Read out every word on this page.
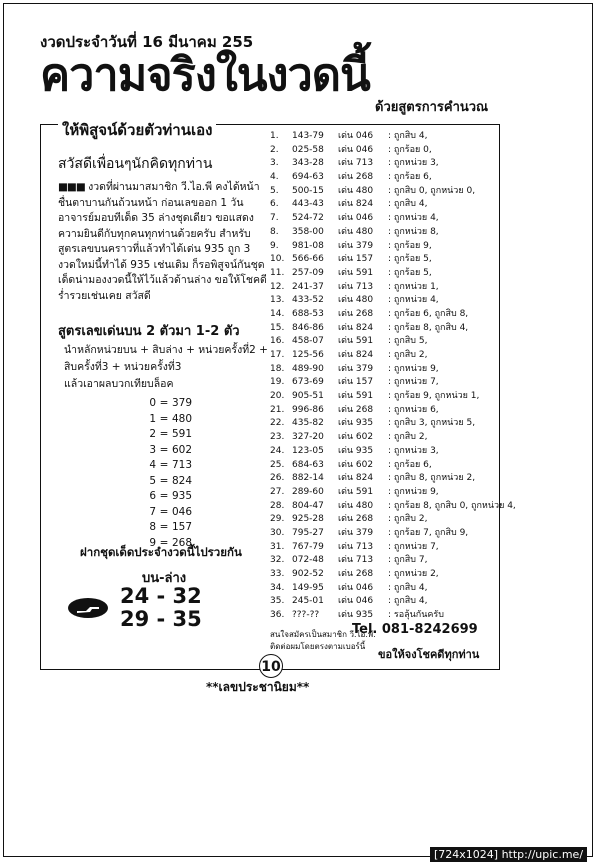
งวดประจำวันที่ 16 มีนาคม 255
ความจริงในงวดนี้
ด้วยสูตรการคำนวณ
ให้พิสูจน์ด้วยตัวท่านเอง
สวัสดีเพื่อนๆนักคิดทุกท่าน
■■■ งวดที่ผ่านมาสมาชิก วี.ไอ.พี คงได้หน้าชื่นตาบานกันถ้วนหน้า ก่อนเลขออก 1 วันอาจารย์มอบทีเด็ด 35 ล่างชุดเดียว ขอแสดงความยินดีกับทุกคนทุกท่านด้วยครับ สำหรับสูตรเลขบนคราวที่แล้วทำได้เด่น 935 ถูก 3 งวดใหม่นี้ทำได้ 935 เช่นเดิม ก็รอพิสูจน์กันชุดเด็ดน่ามองงวดนี้ให้ไว้แล้วด้านล่าง ขอให้โชคดีร่ำรวยเช่นเคย สวัสดี
สูตรเลขเด่นบน 2 ตัวมา 1-2 ตัว
นำหลักหน่วยบน + สิบล่าง + หน่วยครั้งที่2 + สิบครั้งที่3 + หน่วยครั้งที่3
แล้วเอาผลบวกเทียบล็อค
0 = 379
1 = 480
2 = 591
3 = 602
4 = 713
5 = 824
6 = 935
7 = 046
8 = 157
9 = 268
ฝากชุดเด็ดประจำงวดนี้ไปรวยกัน
บน-ล่าง
24 - 32
29 - 35
1. 143-79 เด่น 046 : ถูกสิบ 4,
2. 025-58 เด่น 046 : ถูกร้อย 0,
3. 343-28 เด่น 713 : ถูกหน่วย 3,
4. 694-63 เด่น 268 : ถูกร้อย 6,
5. 500-15 เด่น 480 : ถูกสิบ 0, ถูกหน่วย 0,
6. 443-43 เด่น 824 : ถูกสิบ 4,
7. 524-72 เด่น 046 : ถูกหน่วย 4,
8. 358-00 เด่น 480 : ถูกหน่วย 8,
9. 981-08 เด่น 379 : ถูกร้อย 9,
10. 566-66 เด่น 157 : ถูกร้อย 5,
11. 257-09 เด่น 591 : ถูกร้อย 5,
12. 241-37 เด่น 713 : ถูกหน่วย 1,
13. 433-52 เด่น 480 : ถูกหน่วย 4,
14. 688-53 เด่น 268 : ถูกร้อย 6, ถูกสิบ 8,
15. 846-86 เด่น 824 : ถูกร้อย 8, ถูกสิบ 4,
16. 458-07 เด่น 591 : ถูกสิบ 5,
17. 125-56 เด่น 824 : ถูกสิบ 2,
18. 489-90 เด่น 379 : ถูกหน่วย 9,
19. 673-69 เด่น 157 : ถูกหน่วย 7,
20. 905-51 เด่น 591 : ถูกร้อย 9, ถูกหน่วย 1,
21. 996-86 เด่น 268 : ถูกหน่วย 6,
22. 435-82 เด่น 935 : ถูกสิบ 3, ถูกหน่วย 5,
23. 327-20 เด่น 602 : ถูกสิบ 2,
24. 123-05 เด่น 935 : ถูกหน่วย 3,
25. 684-63 เด่น 602 : ถูกร้อย 6,
26. 882-14 เด่น 824 : ถูกสิบ 8, ถูกหน่วย 2,
27. 289-60 เด่น 591 : ถูกหน่วย 9,
28. 804-47 เด่น 480 : ถูกร้อย 8, ถูกสิบ 0, ถูกหน่วย 4,
29. 925-28 เด่น 268 : ถูกสิบ 2,
30. 795-27 เด่น 379 : ถูกร้อย 7, ถูกสิบ 9,
31. 767-79 เด่น 713 : ถูกหน่วย 7,
32. 072-48 เด่น 713 : ถูกสิบ 7,
33. 902-52 เด่น 268 : ถูกหน่วย 2,
34. 149-95 เด่น 046 : ถูกสิบ 4,
35. 245-01 เด่น 046 : ถูกสิบ 4,
36. ???-?? เด่น 935 : รอลุ้นกันครับ
สนใจสมัครเป็นสมาชิก วี.ไอ.พี.
ติดต่อผมโดยตรงตามเบอร์นี้
Tel. 081-8242699
ขอให้จงโชคดีทุกท่าน
10
**เลขประชานิยม**
[724x1024] http://upic.me/
